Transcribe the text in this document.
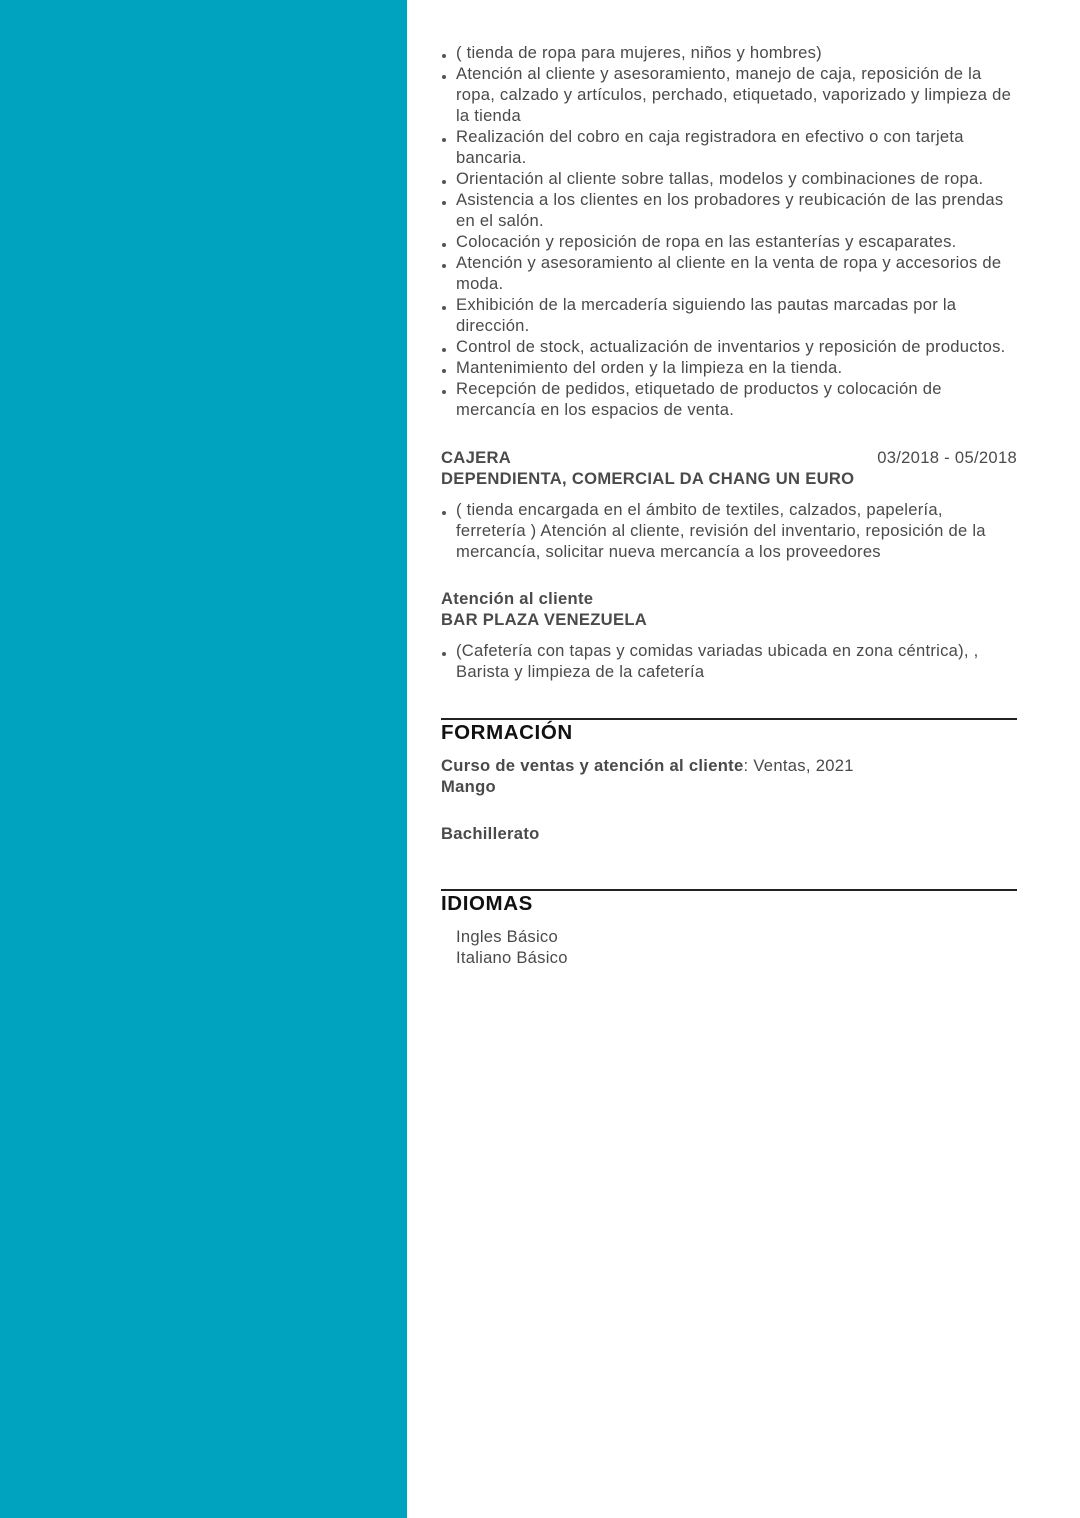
( tienda de ropa para mujeres, niños y hombres)
Atención al cliente y asesoramiento, manejo de caja, reposición de la ropa, calzado y artículos, perchado, etiquetado, vaporizado y limpieza de la tienda
Realización del cobro en caja registradora en efectivo o con tarjeta bancaria.
Orientación al cliente sobre tallas, modelos y combinaciones de ropa.
Asistencia a los clientes en los probadores y reubicación de las prendas en el salón.
Colocación y reposición de ropa en las estanterías y escaparates.
Atención y asesoramiento al cliente en la venta de ropa y accesorios de moda.
Exhibición de la mercadería siguiendo las pautas marcadas por la dirección.
Control de stock, actualización de inventarios y reposición de productos.
Mantenimiento del orden y la limpieza en la tienda.
Recepción de pedidos, etiquetado de productos y colocación de mercancía en los espacios de venta.
CAJERA	03/2018 - 05/2018
DEPENDIENTA, COMERCIAL DA CHANG UN EURO
( tienda encargada en el ámbito de textiles, calzados, papelería, ferretería ) Atención al cliente, revisión del inventario, reposición de la mercancía, solicitar nueva mercancía a los proveedores
Atención al cliente
BAR PLAZA VENEZUELA
(Cafetería con tapas y comidas variadas ubicada en zona céntrica), , Barista y limpieza de la cafetería
FORMACIÓN
Curso de ventas y atención al cliente: Ventas, 2021
Mango
Bachillerato
IDIOMAS
Ingles Básico
Italiano Básico
